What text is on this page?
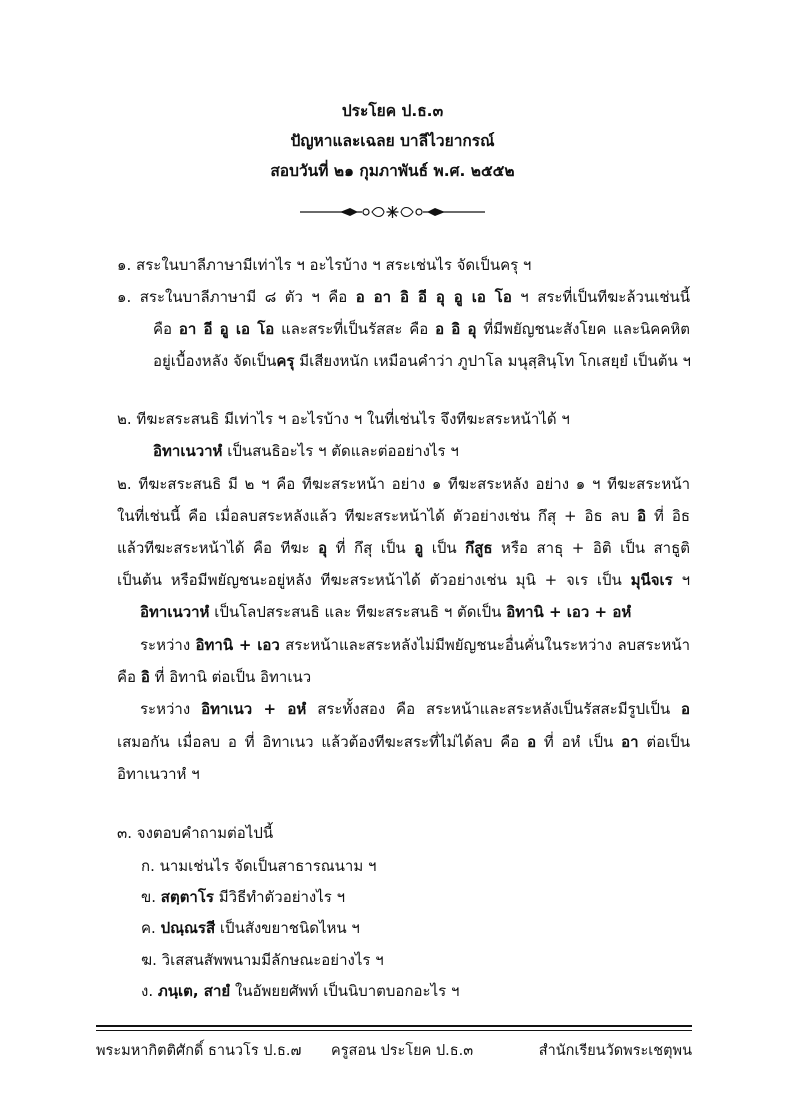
ประโยค ป.ธ.๓
ปัญหาและเฉลย บาลีไวยากรณ์
สอบวันที่ ๒๑ กุมภาพันธ์ พ.ศ. ๒๕๕๒
๑. สระในบาลีภาษามีเท่าไร ฯ อะไรบ้าง ฯ สระเช่นไร จัดเป็นครุ ฯ
๑. สระในบาลีภาษามี ๘ ตัว ฯ คือ อ อา อิ อี อุ อู เอ โอ ฯ สระที่เป็นทีฆะล้วนเช่นนี้
คือ อา อี อู เอ โอ และสระที่เป็นรัสสะ คือ อ อิ อุ ที่มีพยัญชนะสังโยค และนิคคหิต
อยู่เบื้องหลัง จัดเป็นครุ มีเสียงหนัก เหมือนคำว่า ภูปาโล มนุสฺสินฺโท โกเสยฺยํ เป็นต้น ฯ
๒. ทีฆะสระสนธิ มีเท่าไร ฯ อะไรบ้าง ฯ ในที่เช่นไร จึงทีฆะสระหน้าได้ ฯ
อิทาเนวาหํ เป็นสนธิอะไร ฯ ตัดและต่ออย่างไร ฯ
๒. ทีฆะสระสนธิ มี ๒ ฯ คือ ทีฆะสระหน้า อย่าง ๑ ทีฆะสระหลัง อย่าง ๑ ฯ ทีฆะสระหน้า
ในที่เช่นนี้ คือ เมื่อลบสระหลังแล้ว ทีฆะสระหน้าได้ ตัวอย่างเช่น กึสุ + อิธ ลบ อิ ที่ อิธ
แล้วทีฆะสระหน้าได้ คือ ทีฆะ อุ ที่ กึสุ เป็น อู เป็น กึสูธ หรือ สาธุ + อิติ เป็น สาธูติ
เป็นต้น หรือมีพยัญชนะอยู่หลัง ทีฆะสระหน้าได้ ตัวอย่างเช่น มุนิ + จเร เป็น มุนีจเร ฯ
อิทาเนวาหํ เป็นโลปสระสนธิ และ ทีฆะสระสนธิ ฯ ตัดเป็น อิทานิ + เอว + อหํ
ระหว่าง อิทานิ + เอว สระหน้าและสระหลังไม่มีพยัญชนะอื่นคั่นในระหว่าง ลบสระหน้า
คือ อิ ที่ อิทานิ ต่อเป็น อิทาเนว
ระหว่าง อิทาเนว + อหํ สระทั้งสอง คือ สระหน้าและสระหลังเป็นรัสสะมีรูปเป็น อ
เสมอกัน เมื่อลบ อ ที่ อิทาเนว แล้วต้องทีฆะสระที่ไม่ได้ลบ คือ อ ที่ อหํ เป็น อา ต่อเป็น
อิทาเนวาหํ ฯ
๓. จงตอบคำถามต่อไปนี้
ก. นามเช่นไร จัดเป็นสาธารณนาม ฯ
ข. สตฺตาโร มีวิธีทำตัวอย่างไร ฯ
ค. ปณฺณรสี เป็นสังขยาชนิดไหน ฯ
ฆ. วิเสสนสัพพนามมีลักษณะอย่างไร ฯ
ง. ภนฺเต, สายํ ในอัพยยศัพท์ เป็นนิบาตบอกอะไร ฯ
พระมหากิตติศักดิ์ ธานวโร ป.ธ.๗ ครูสอน ประโยค ป.ธ.๓	สำนักเรียนวัดพระเชตุพน
